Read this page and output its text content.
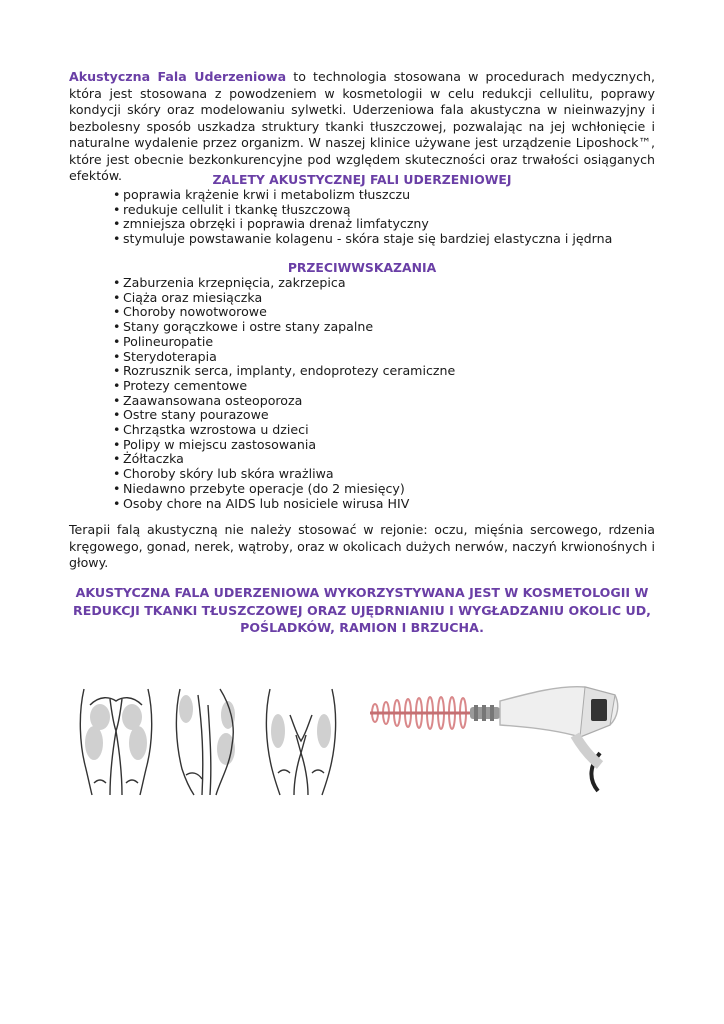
Akustyczna Fala Uderzeniowa to technologia stosowana w procedurach medycznych, która jest stosowana z powodzeniem w kosmetologii w celu redukcji cellulitu, poprawy kondycji skóry oraz modelowaniu sylwetki. Uderzeniowa fala akustyczna w nieinwazyjny i bezbolesny sposób uszkadza struktury tkanki tłuszczowej, pozwalając na jej wchłonięcie i naturalne wydalenie przez organizm. W naszej klinice używane jest urządzenie Liposhock™, które jest obecnie bezkonkurencyjne pod względem skuteczności oraz trwałości osiąganych efektów.	ZALETY AKUSTYCZNEJ FALI UDERZENIOWEJ
• poprawia krążenie krwi i metabolizm tłuszczu
• redukuje cellulit i tkankę tłuszczową
• zmniejsza obrzęki i poprawia drenaż limfatyczny
• stymuluje powstawanie kolagenu - skóra staje się bardziej elastyczna i jędrna
PRZECIWWSKAZANIA
• Zaburzenia krzepnięcia, zakrzepica
• Ciąża oraz miesiączka
• Choroby nowotworowe
• Stany gorączkowe i ostre stany zapalne
• Polineuropatie
• Sterydoterapia
• Rozrusznik serca, implanty, endoprotezy ceramiczne
• Protezy cementowe
• Zaawansowana osteoporoza
• Ostre stany pourazowe
• Chrząstka wzrostowa u dzieci
• Polipy w miejscu zastosowania
• Żółtaczka
• Choroby skóry lub skóra wrażliwa
• Niedawno przebyte operacje (do 2 miesięcy)
• Osoby chore na AIDS lub nosiciele wirusa HIV

Terapii falą akustyczną nie należy stosować w rejonie: oczu, mięśnia sercowego, rdzenia kręgowego, gonad, nerek, wątroby, oraz w okolicach dużych nerwów, naczyń krwionośnych i głowy.

AKUSTYCZNA FALA UDERZENIOWA WYKORZYSTYWANA JEST W KOSMETOLOGII W REDUKCJI TKANKI TŁUSZCZOWEJ ORAZ UJĘDRNIANIU I WYGŁADZANIU OKOLIC UD, POŚLADKÓW, RAMION I BRZUCHA.
